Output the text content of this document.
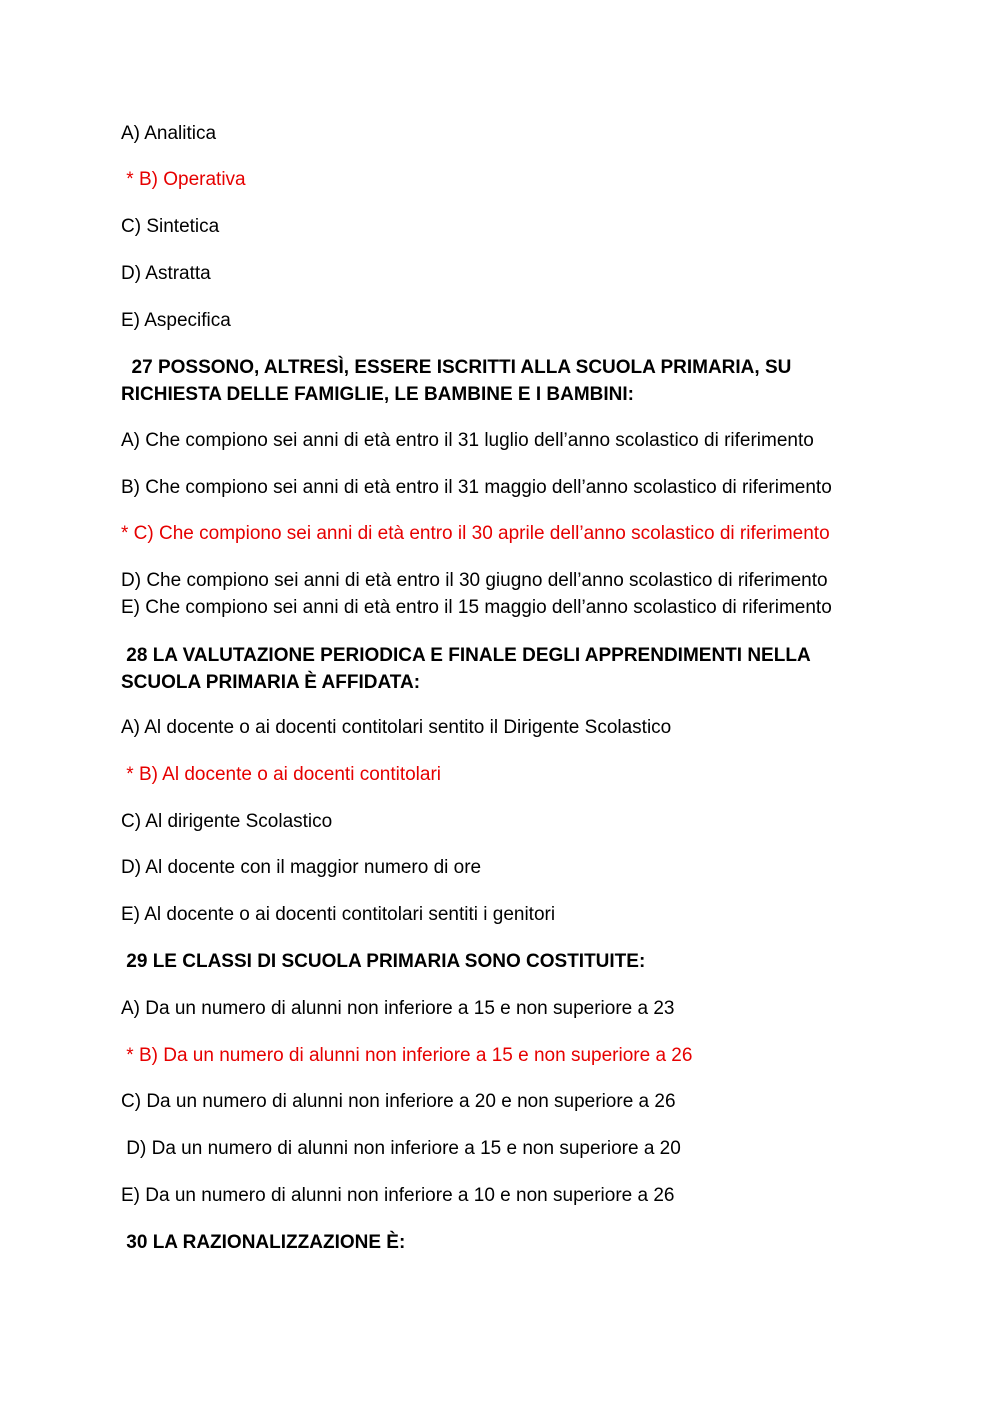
A) Analitica
* B) Operativa
C) Sintetica
D) Astratta
E) Aspecifica
27 POSSONO, ALTRESÌ, ESSERE ISCRITTI ALLA SCUOLA PRIMARIA, SU
RICHIESTA DELLE FAMIGLIE, LE BAMBINE E I BAMBINI:
A) Che compiono sei anni di età entro il 31 luglio dell’anno scolastico di riferimento
B) Che compiono sei anni di età entro il 31 maggio dell’anno scolastico di riferimento
* C) Che compiono sei anni di età entro il 30 aprile dell’anno scolastico di riferimento
D) Che compiono sei anni di età entro il 30 giugno dell’anno scolastico di riferimento
E) Che compiono sei anni di età entro il 15 maggio dell’anno scolastico di riferimento
28 LA VALUTAZIONE PERIODICA E FINALE DEGLI APPRENDIMENTI NELLA
SCUOLA PRIMARIA È AFFIDATA:
A) Al docente o ai docenti contitolari sentito il Dirigente Scolastico
* B) Al docente o ai docenti contitolari
C) Al dirigente Scolastico
D) Al docente con il maggior numero di ore
E) Al docente o ai docenti contitolari sentiti i genitori
29 LE CLASSI DI SCUOLA PRIMARIA SONO COSTITUITE:
A) Da un numero di alunni non inferiore a 15 e non superiore a 23
* B) Da un numero di alunni non inferiore a 15 e non superiore a 26
C) Da un numero di alunni non inferiore a 20 e non superiore a 26
D) Da un numero di alunni non inferiore a 15 e non superiore a 20
E) Da un numero di alunni non inferiore a 10 e non superiore a 26
30 LA RAZIONALIZZAZIONE È:
